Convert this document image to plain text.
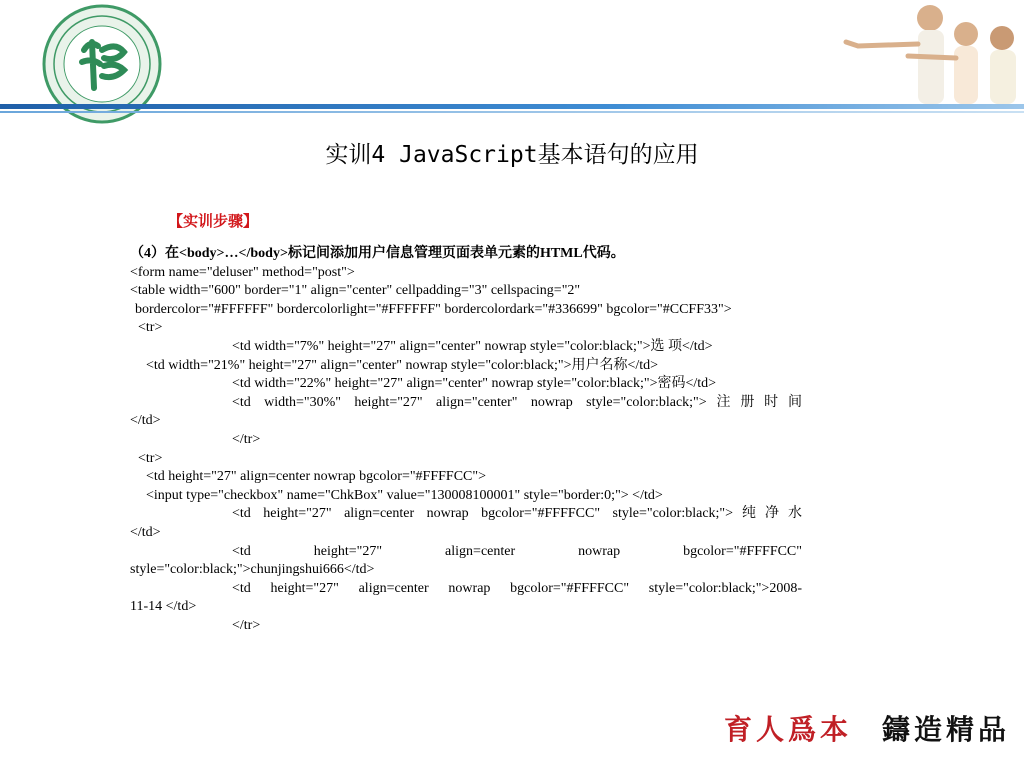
实训4 JavaScript基本语句的应用
【实训步骤】
（4）在<body>…</body>标记间添加用户信息管理页面表单元素的HTML代码。
<form name="deluser" method="post">
<table width="600" border="1" align="center" cellpadding="3" cellspacing="2"
bordercolor="#FFFFFF" bordercolorlight="#FFFFFF" bordercolordark="#336699" bgcolor="#CCFF33">
<tr>
<td width="7%" height="27" align="center" nowrap style="color:black;">选 项</td>
<td width="21%" height="27" align="center" nowrap style="color:black;">用户名称</td>
<td width="22%" height="27" align="center" nowrap style="color:black;">密码</td>
<td width="30%" height="27" align="center" nowrap style="color:black;">注册时间
</td>
</tr>
<tr>
<td height="27" align=center nowrap bgcolor="#FFFFCC">
<input type="checkbox" name="ChkBox" value="130008100001" style="border:0;"> </td>
<td height="27" align=center nowrap bgcolor="#FFFFCC" style="color:black;">纯净水
</td>
<td height="27" align=center nowrap bgcolor="#FFFFCC"
style="color:black;">chunjingshui666</td>
<td height="27" align=center nowrap bgcolor="#FFFFCC" style="color:black;">2008-
11-14 </td>
</tr>
育人爲本 鑄造精品
